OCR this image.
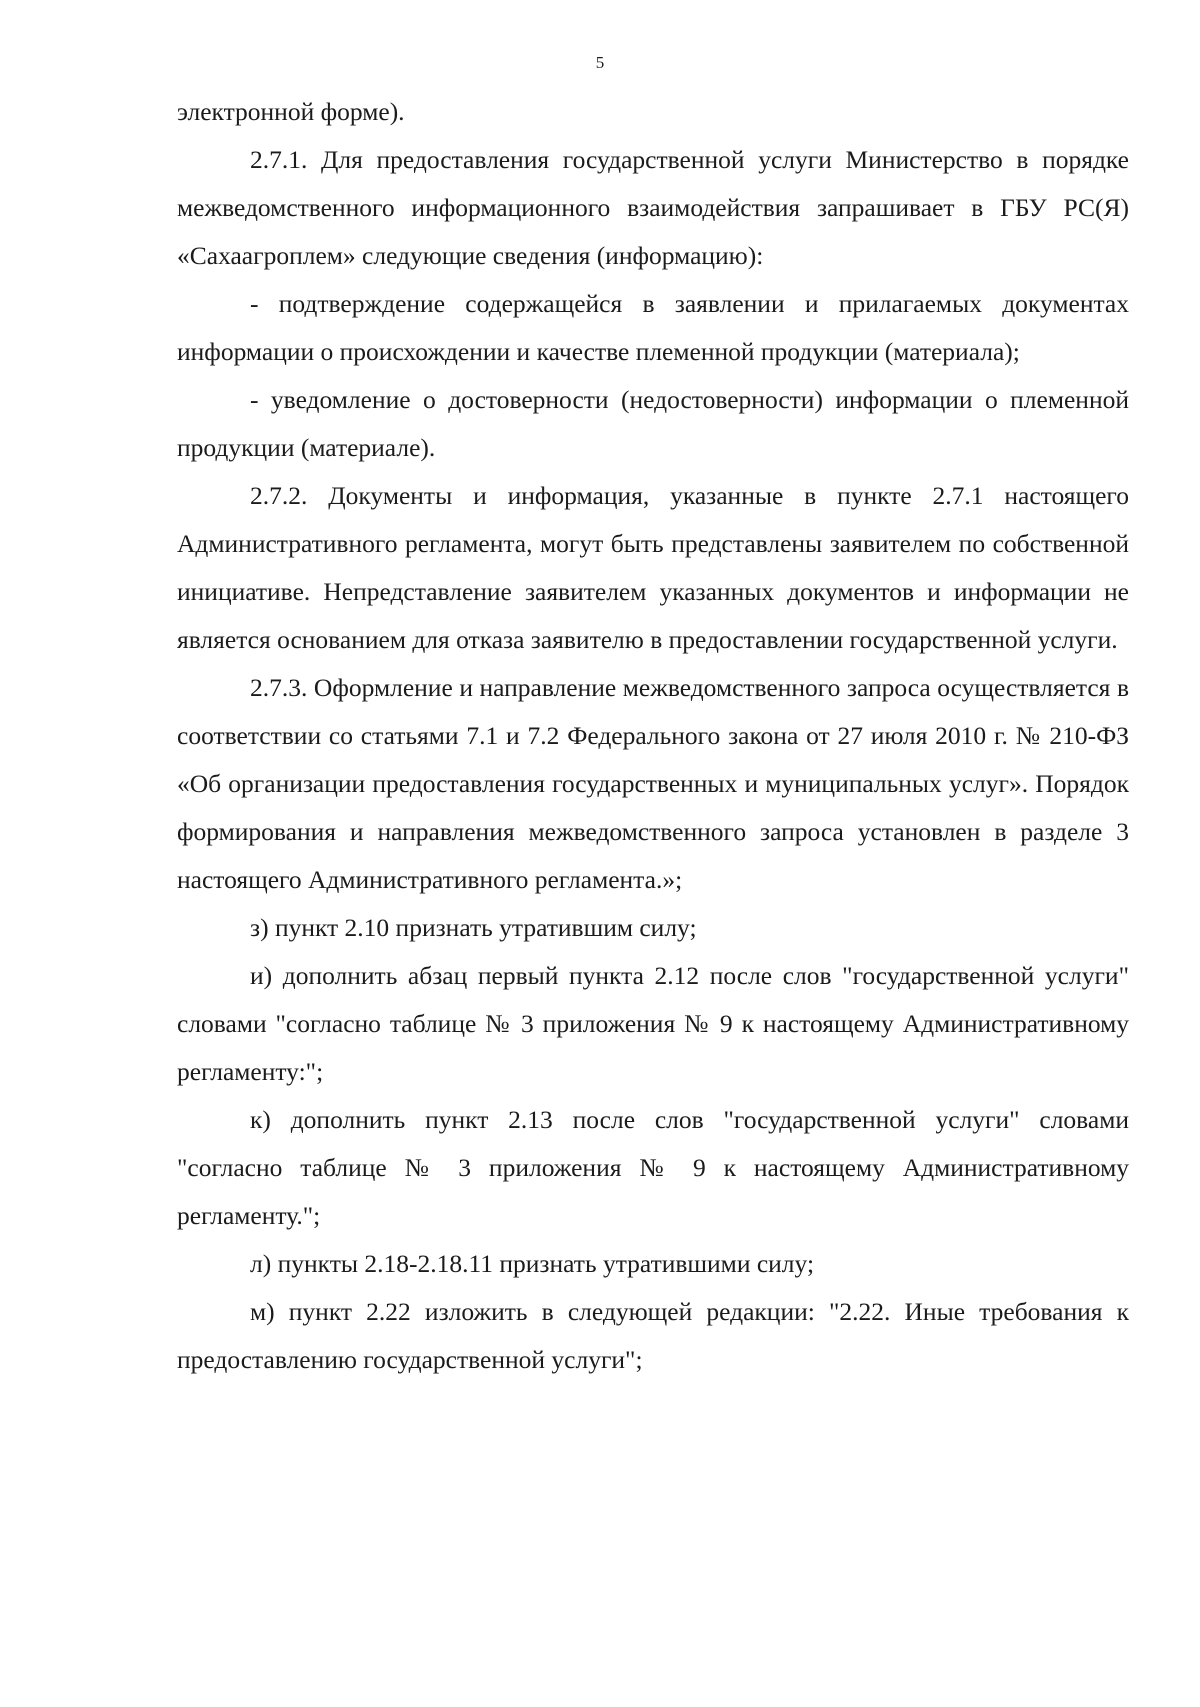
5

электронной форме).

2.7.1. Для предоставления государственной услуги Министерство в порядке межведомственного информационного взаимодействия запрашивает в ГБУ РС(Я) «Сахаагроплем» следующие сведения (информацию):

- подтверждение содержащейся в заявлении и прилагаемых документах информации о происхождении и качестве племенной продукции (материала);

- уведомление о достоверности (недостоверности) информации о племенной продукции (материале).

2.7.2. Документы и информация, указанные в пункте 2.7.1 настоящего Административного регламента, могут быть представлены заявителем по собственной инициативе. Непредставление заявителем указанных документов и информации не является основанием для отказа заявителю в предоставлении государственной услуги.

2.7.3. Оформление и направление межведомственного запроса осуществляется в соответствии со статьями 7.1 и 7.2 Федерального закона от 27 июля 2010 г. № 210-ФЗ «Об организации предоставления государственных и муниципальных услуг». Порядок формирования и направления межведомственного запроса установлен в разделе 3 настоящего Административного регламента.»;

з) пункт 2.10 признать утратившим силу;

и) дополнить абзац первый пункта 2.12 после слов "государственной услуги" словами "согласно таблице № 3 приложения № 9 к настоящему Административному регламенту:";

к) дополнить пункт 2.13 после слов "государственной услуги" словами "согласно таблице № 3 приложения № 9 к настоящему Административному регламенту.";

л) пункты 2.18-2.18.11 признать утратившими силу;

м) пункт 2.22 изложить в следующей редакции: "2.22. Иные требования к предоставлению государственной услуги";
